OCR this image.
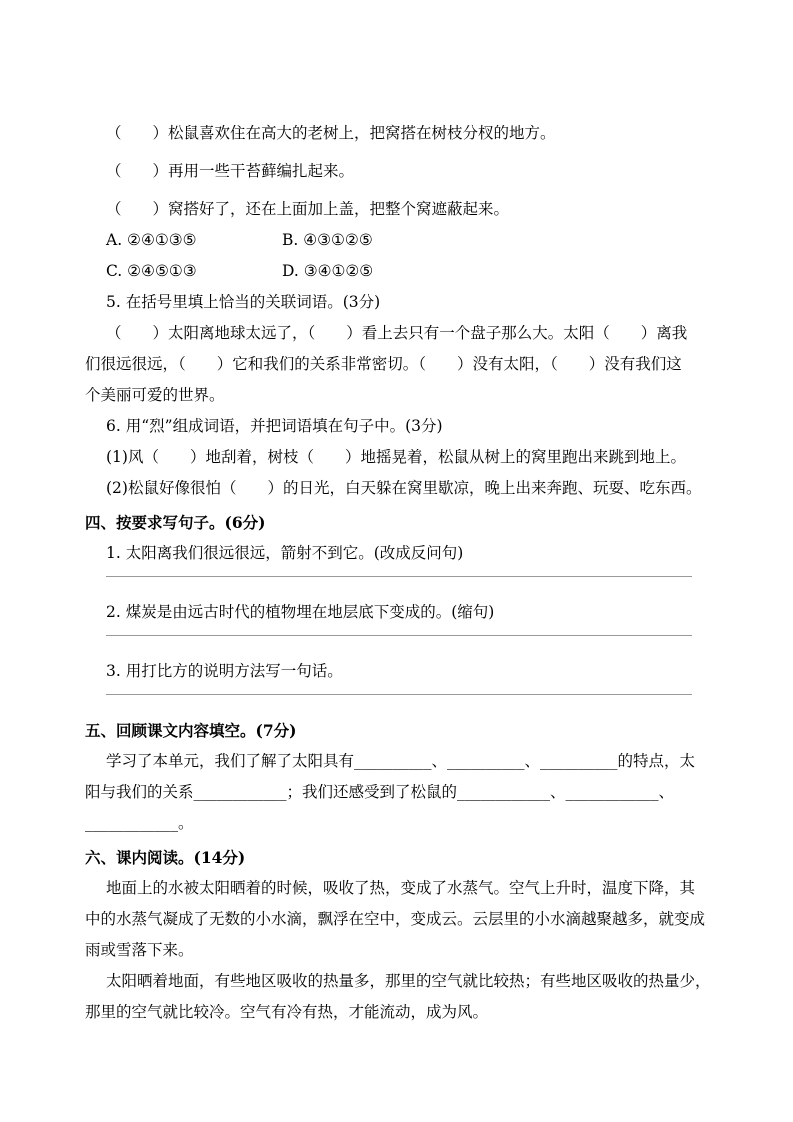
（　　）松鼠喜欢住在高大的老树上，把窝搭在树枝分杈的地方。

（　　）再用一些干苔藓编扎起来。

（　　）窝搭好了，还在上面加上盖，把整个窝遮蔽起来。

A. ②④①③⑤	B. ④③①②⑤
C. ②④⑤①③	D. ③④①②⑤

5. 在括号里填上恰当的关联词语。(3分)

（　　）太阳离地球太远了，（　　）看上去只有一个盘子那么大。太阳（　　）离我

们很远很远，（　　）它和我们的关系非常密切。（　　）没有太阳，（　　）没有我们这

个美丽可爱的世界。

6. 用“烈”组成词语，并把词语填在句子中。(3分)

(1)风（　　）地刮着，树枝（　　）地摇晃着，松鼠从树上的窝里跑出来跳到地上。

(2)松鼠好像很怕（　　）的日光，白天躲在窝里歇凉，晚上出来奔跑、玩耍、吃东西。

四、按要求写句子。(6分)

1. 太阳离我们很远很远，箭射不到它。(改成反问句)

2. 煤炭是由远古时代的植物埋在地层底下变成的。(缩句)

3. 用打比方的说明方法写一句话。

五、回顾课文内容填空。(7分)

学习了本单元，我们了解了太阳具有__________、__________、__________的特点，太

阳与我们的关系____________；我们还感受到了松鼠的____________、____________、

____________。

六、课内阅读。(14分)

地面上的水被太阳晒着的时候，吸收了热，变成了水蒸气。空气上升时，温度下降，其

中的水蒸气凝成了无数的小水滴，飘浮在空中，变成云。云层里的小水滴越聚越多，就变成

雨或雪落下来。

太阳晒着地面，有些地区吸收的热量多，那里的空气就比较热；有些地区吸收的热量少，

那里的空气就比较冷。空气有冷有热，才能流动，成为风。
